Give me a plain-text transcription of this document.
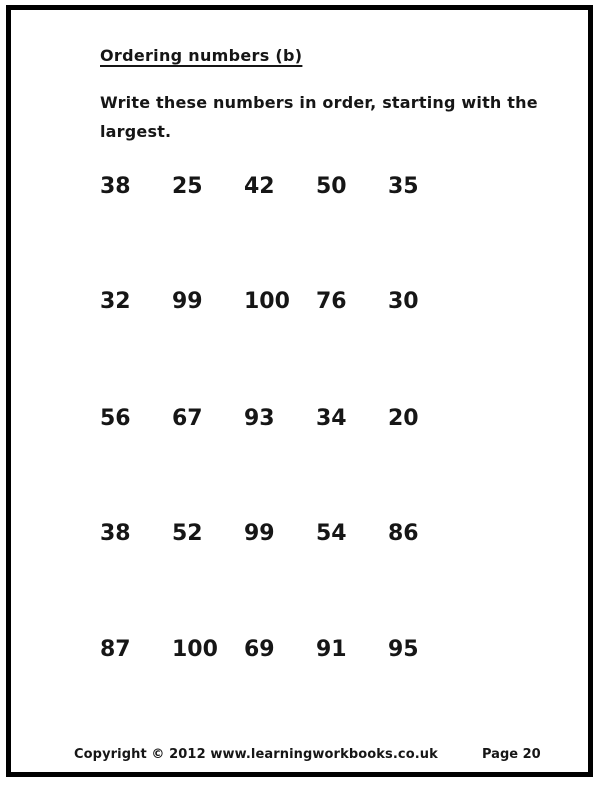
Ordering numbers (b)
Write these numbers in order, starting with the
largest.
38	25	42	50	35
32	99	100	76	30
56	67	93	34	20
38	52	99	54	86
87	100	69	91	95
Copyright © 2012 www.learningworkbooks.co.uk	Page 20
